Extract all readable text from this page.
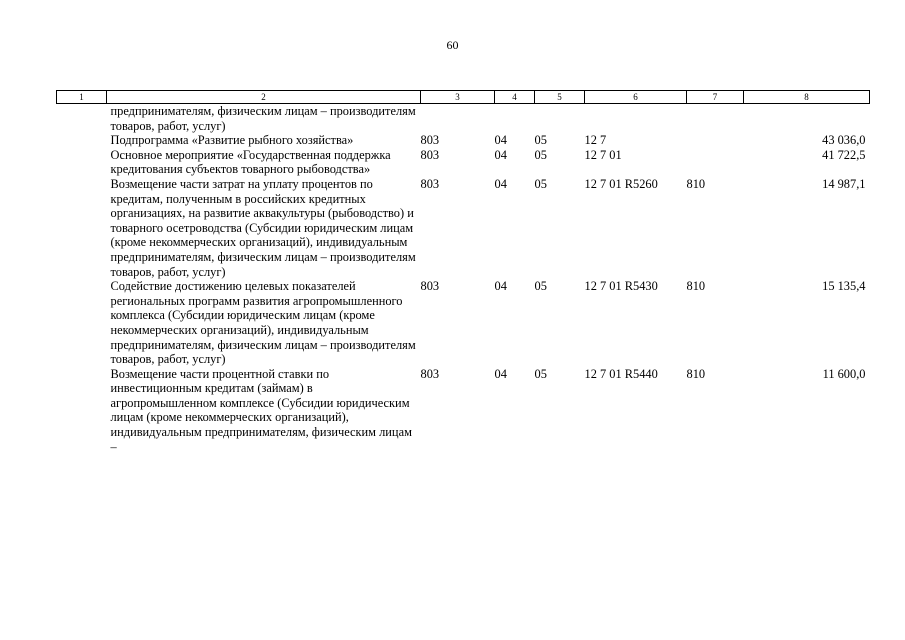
60
1	2	3	4	5	6	7	8
	предпринимателям, физическим лицам – производителям товаров, работ, услуг)						
	Подпрограмма «Развитие рыбного хозяйства»	803	04	05	12 7		43 036,0
	Основное мероприятие «Государственная поддержка кредитования субъектов товарного рыбоводства»	803	04	05	12 7 01		41 722,5
	Возмещение части затрат на уплату процентов по кредитам, полученным в российских кредитных организациях, на развитие аквакультуры (рыбоводство) и товарного осетроводства (Субсидии юридическим лицам (кроме некоммерческих организаций), индивидуальным предпринимателям, физическим лицам – производителям товаров, работ, услуг)	803	04	05	12 7 01 R5260	810	14 987,1
	Содействие достижению целевых показателей региональных программ развития агропромышленного комплекса (Субсидии юридическим лицам (кроме некоммерческих организаций), индивидуальным предпринимателям, физическим лицам – производителям товаров, работ, услуг)	803	04	05	12 7 01 R5430	810	15 135,4
	Возмещение части процентной ставки по инвестиционным кредитам (займам) в агропромышленном комплексе (Субсидии юридическим лицам (кроме некоммерческих организаций), индивидуальным предпринимателям, физическим лицам –	803	04	05	12 7 01 R5440	810	11 600,0
